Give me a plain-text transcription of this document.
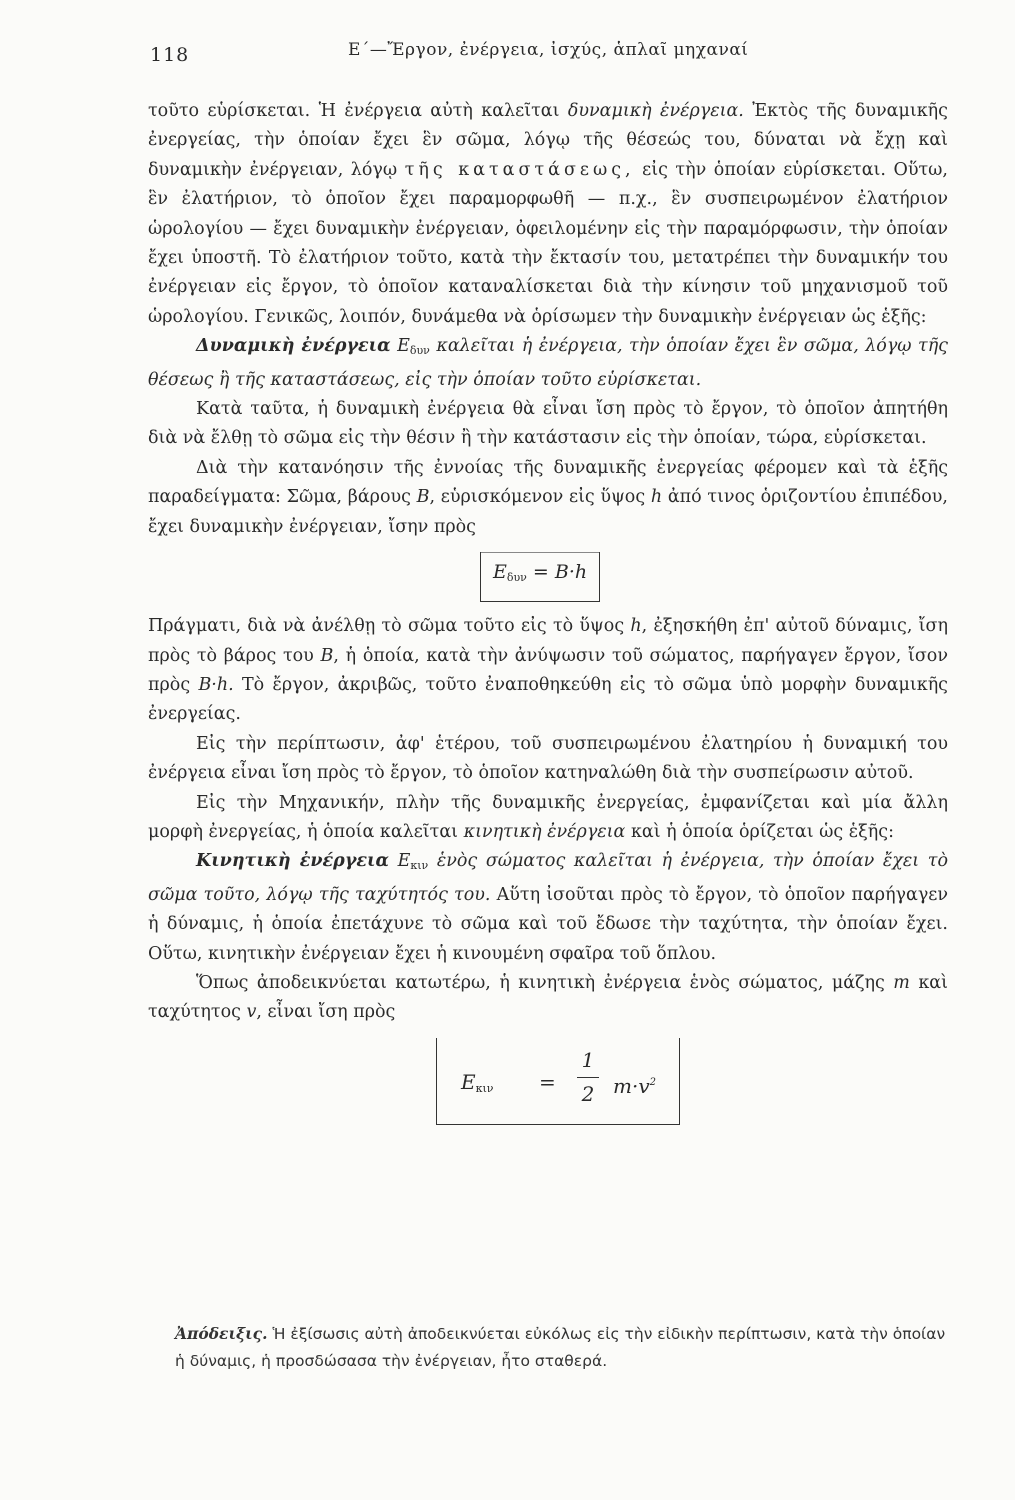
118	Ε΄—Ἔργον, ἐνέργεια, ἰσχύς, ἁπλαῖ μηχαναί

τοῦτο εὑρίσκεται. Ἡ ἐνέργεια αὐτὴ καλεῖται δυναμικὴ ἐνέργεια. Ἐκτὸς τῆς δυναμικῆς ἐνεργείας, τὴν ὁποίαν ἔχει ἓν σῶμα, λόγῳ τῆς θέσεώς του, δύναται νὰ ἔχῃ καὶ δυναμικὴν ἐνέργειαν, λόγῳ τῆς καταστάσεως, εἰς τὴν ὁποίαν εὑρίσκεται. Οὕτω, ἓν ἐλατήριον, τὸ ὁποῖον ἔχει παραμορφωθῆ — π.χ., ἓν συσπειρωμένον ἐλατήριον ὡρολογίου — ἔχει δυναμικὴν ἐνέργειαν, ὀφειλομένην εἰς τὴν παραμόρφωσιν, τὴν ὁποίαν ἔχει ὑποστῆ. Τὸ ἐλατήριον τοῦτο, κατὰ τὴν ἔκτασίν του, μετατρέπει τὴν δυναμικήν του ἐνέργειαν εἰς ἔργον, τὸ ὁποῖον καταναλίσκεται διὰ τὴν κίνησιν τοῦ μηχανισμοῦ τοῦ ὡρολογίου. Γενικῶς, λοιπόν, δυνάμεθα νὰ ὁρίσωμεν τὴν δυναμικὴν ἐνέργειαν ὡς ἑξῆς:

Δυναμικὴ ἐνέργεια $E_{\delta\upsilon\nu}$ καλεῖται ἡ ἐνέργεια, τὴν ὁποίαν ἔχει ἓν σῶμα, λόγῳ τῆς θέσεως ἢ τῆς καταστάσεως, εἰς τὴν ὁποίαν τοῦτο εὑρίσκεται.

Κατὰ ταῦτα, ἡ δυναμικὴ ἐνέργεια θὰ εἶναι ἴση πρὸς τὸ ἔργον, τὸ ὁποῖον ἀπητήθη διὰ νὰ ἔλθῃ τὸ σῶμα εἰς τὴν θέσιν ἢ τὴν κατάστασιν εἰς τὴν ὁποίαν, τώρα, εὑρίσκεται.

Διὰ τὴν κατανόησιν τῆς ἐννοίας τῆς δυναμικῆς ἐνεργείας φέρομεν καὶ τὰ ἑξῆς παραδείγματα: Σῶμα, βάρους B, εὑρισκόμενον εἰς ὕψος h ἀπό τινος ὁριζοντίου ἐπιπέδου, ἔχει δυναμικὴν ἐνέργειαν, ἴσην πρὸς

$E_{\delta\upsilon\nu} = B\cdot h$

Πράγματι, διὰ νὰ ἀνέλθῃ τὸ σῶμα τοῦτο εἰς τὸ ὕψος h, ἐξησκήθη ἐπ' αὐτοῦ δύναμις, ἴση πρὸς τὸ βάρος του B, ἡ ὁποία, κατὰ τὴν ἀνύψωσιν τοῦ σώματος, παρήγαγεν ἔργον, ἴσον πρὸς B·h. Τὸ ἔργον, ἀκριβῶς, τοῦτο ἐναποθηκεύθη εἰς τὸ σῶμα ὑπὸ μορφὴν δυναμικῆς ἐνεργείας.

Εἰς τὴν περίπτωσιν, ἀφ' ἑτέρου, τοῦ συσπειρωμένου ἐλατηρίου ἡ δυναμική του ἐνέργεια εἶναι ἴση πρὸς τὸ ἔργον, τὸ ὁποῖον κατηναλώθη διὰ τὴν συσπείρωσιν αὐτοῦ.

Εἰς τὴν Μηχανικήν, πλὴν τῆς δυναμικῆς ἐνεργείας, ἐμφανίζεται καὶ μία ἄλλη μορφὴ ἐνεργείας, ἡ ὁποία καλεῖται κινητικὴ ἐνέργεια καὶ ἡ ὁποία ὁρίζεται ὡς ἑξῆς:

Κινητικὴ ἐνέργεια $E_{\kappa\iota\nu}$ ἑνὸς σώματος καλεῖται ἡ ἐνέργεια, τὴν ὁποίαν ἔχει τὸ σῶμα τοῦτο, λόγῳ τῆς ταχύτητός του. Αὕτη ἰσοῦται πρὸς τὸ ἔργον, τὸ ὁποῖον παρήγαγεν ἡ δύναμις, ἡ ὁποία ἐπετάχυνε τὸ σῶμα καὶ τοῦ ἔδωσε τὴν ταχύτητα, τὴν ὁποίαν ἔχει. Οὕτω, κινητικὴν ἐνέργειαν ἔχει ἡ κινουμένη σφαῖρα τοῦ ὅπλου.

Ὅπως ἀποδεικνύεται κατωτέρω, ἡ κινητικὴ ἐνέργεια ἑνὸς σώματος, μάζης m καὶ ταχύτητος v, εἶναι ἴση πρὸς

$E_{\kappa\iota\nu}$ =
1
2 $m\cdot v^2$

Ἀπόδειξις. Ἡ ἐξίσωσις αὐτὴ ἀποδεικνύεται εὐκόλως εἰς τὴν εἰδικὴν περίπτωσιν, κατὰ τὴν ὁποίαν ἡ δύναμις, ἡ προσδώσασα τὴν ἐνέργειαν, ἦτο σταθερά.
